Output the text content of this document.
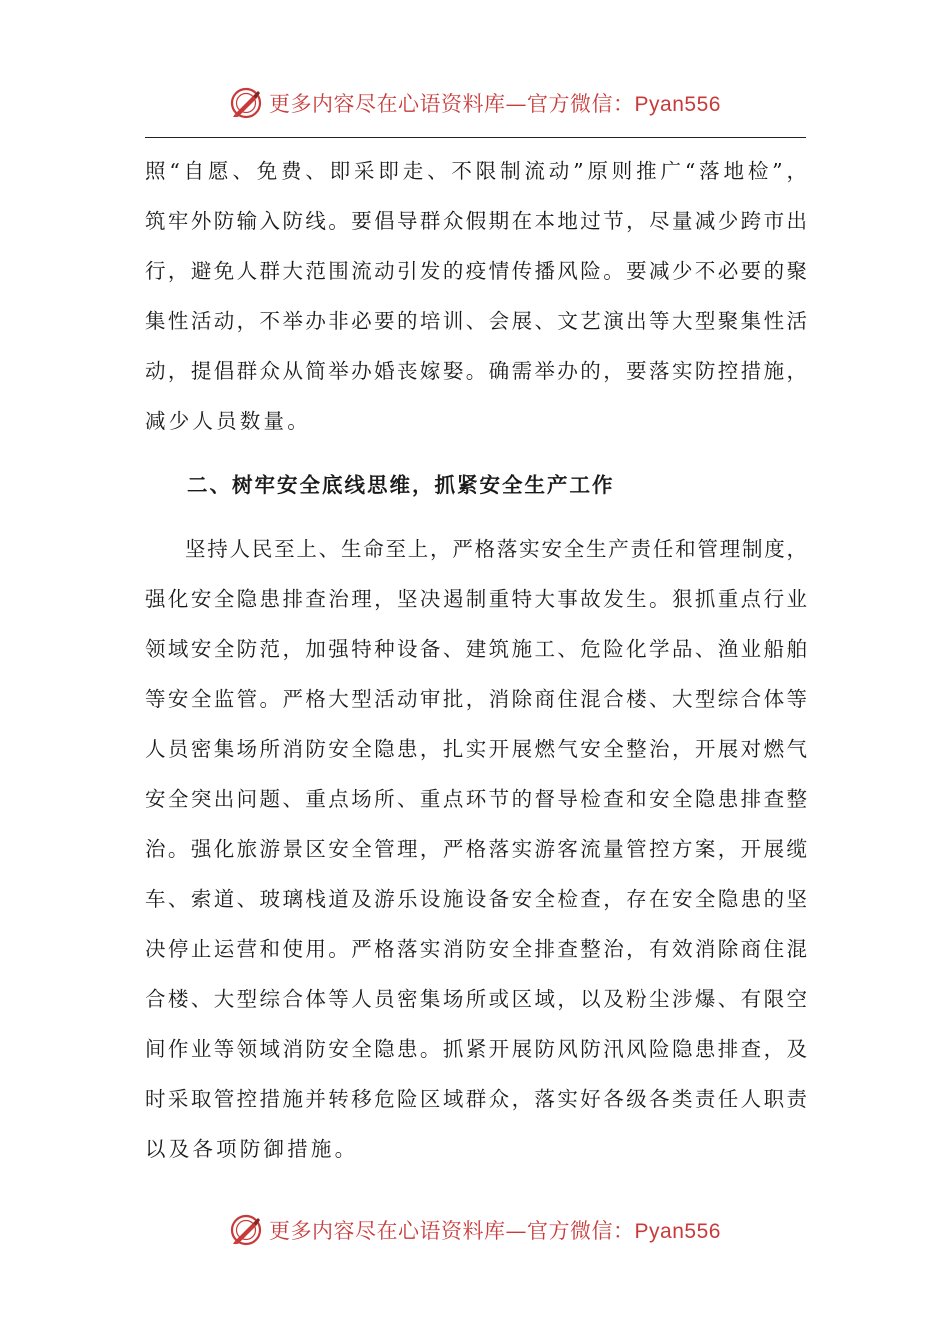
更多内容尽在心语资料库—官方微信：Pyan556
照“自愿、免费、即采即走、不限制流动”原则推广“落地检”，
筑牢外防输入防线。要倡导群众假期在本地过节，尽量减少跨市出
行，避免人群大范围流动引发的疫情传播风险。要减少不必要的聚
集性活动，不举办非必要的培训、会展、文艺演出等大型聚集性活
动，提倡群众从简举办婚丧嫁娶。确需举办的，要落实防控措施，
减少人员数量。
二、树牢安全底线思维，抓紧安全生产工作
坚持人民至上、生命至上，严格落实安全生产责任和管理制度，
强化安全隐患排查治理，坚决遏制重特大事故发生。狠抓重点行业
领域安全防范，加强特种设备、建筑施工、危险化学品、渔业船舶
等安全监管。严格大型活动审批，消除商住混合楼、大型综合体等
人员密集场所消防安全隐患，扎实开展燃气安全整治，开展对燃气
安全突出问题、重点场所、重点环节的督导检查和安全隐患排查整
治。强化旅游景区安全管理，严格落实游客流量管控方案，开展缆
车、索道、玻璃栈道及游乐设施设备安全检查，存在安全隐患的坚
决停止运营和使用。严格落实消防安全排查整治，有效消除商住混
合楼、大型综合体等人员密集场所或区域，以及粉尘涉爆、有限空
间作业等领域消防安全隐患。抓紧开展防风防汛风险隐患排查，及
时采取管控措施并转移危险区域群众，落实好各级各类责任人职责
以及各项防御措施。
更多内容尽在心语资料库—官方微信：Pyan556
